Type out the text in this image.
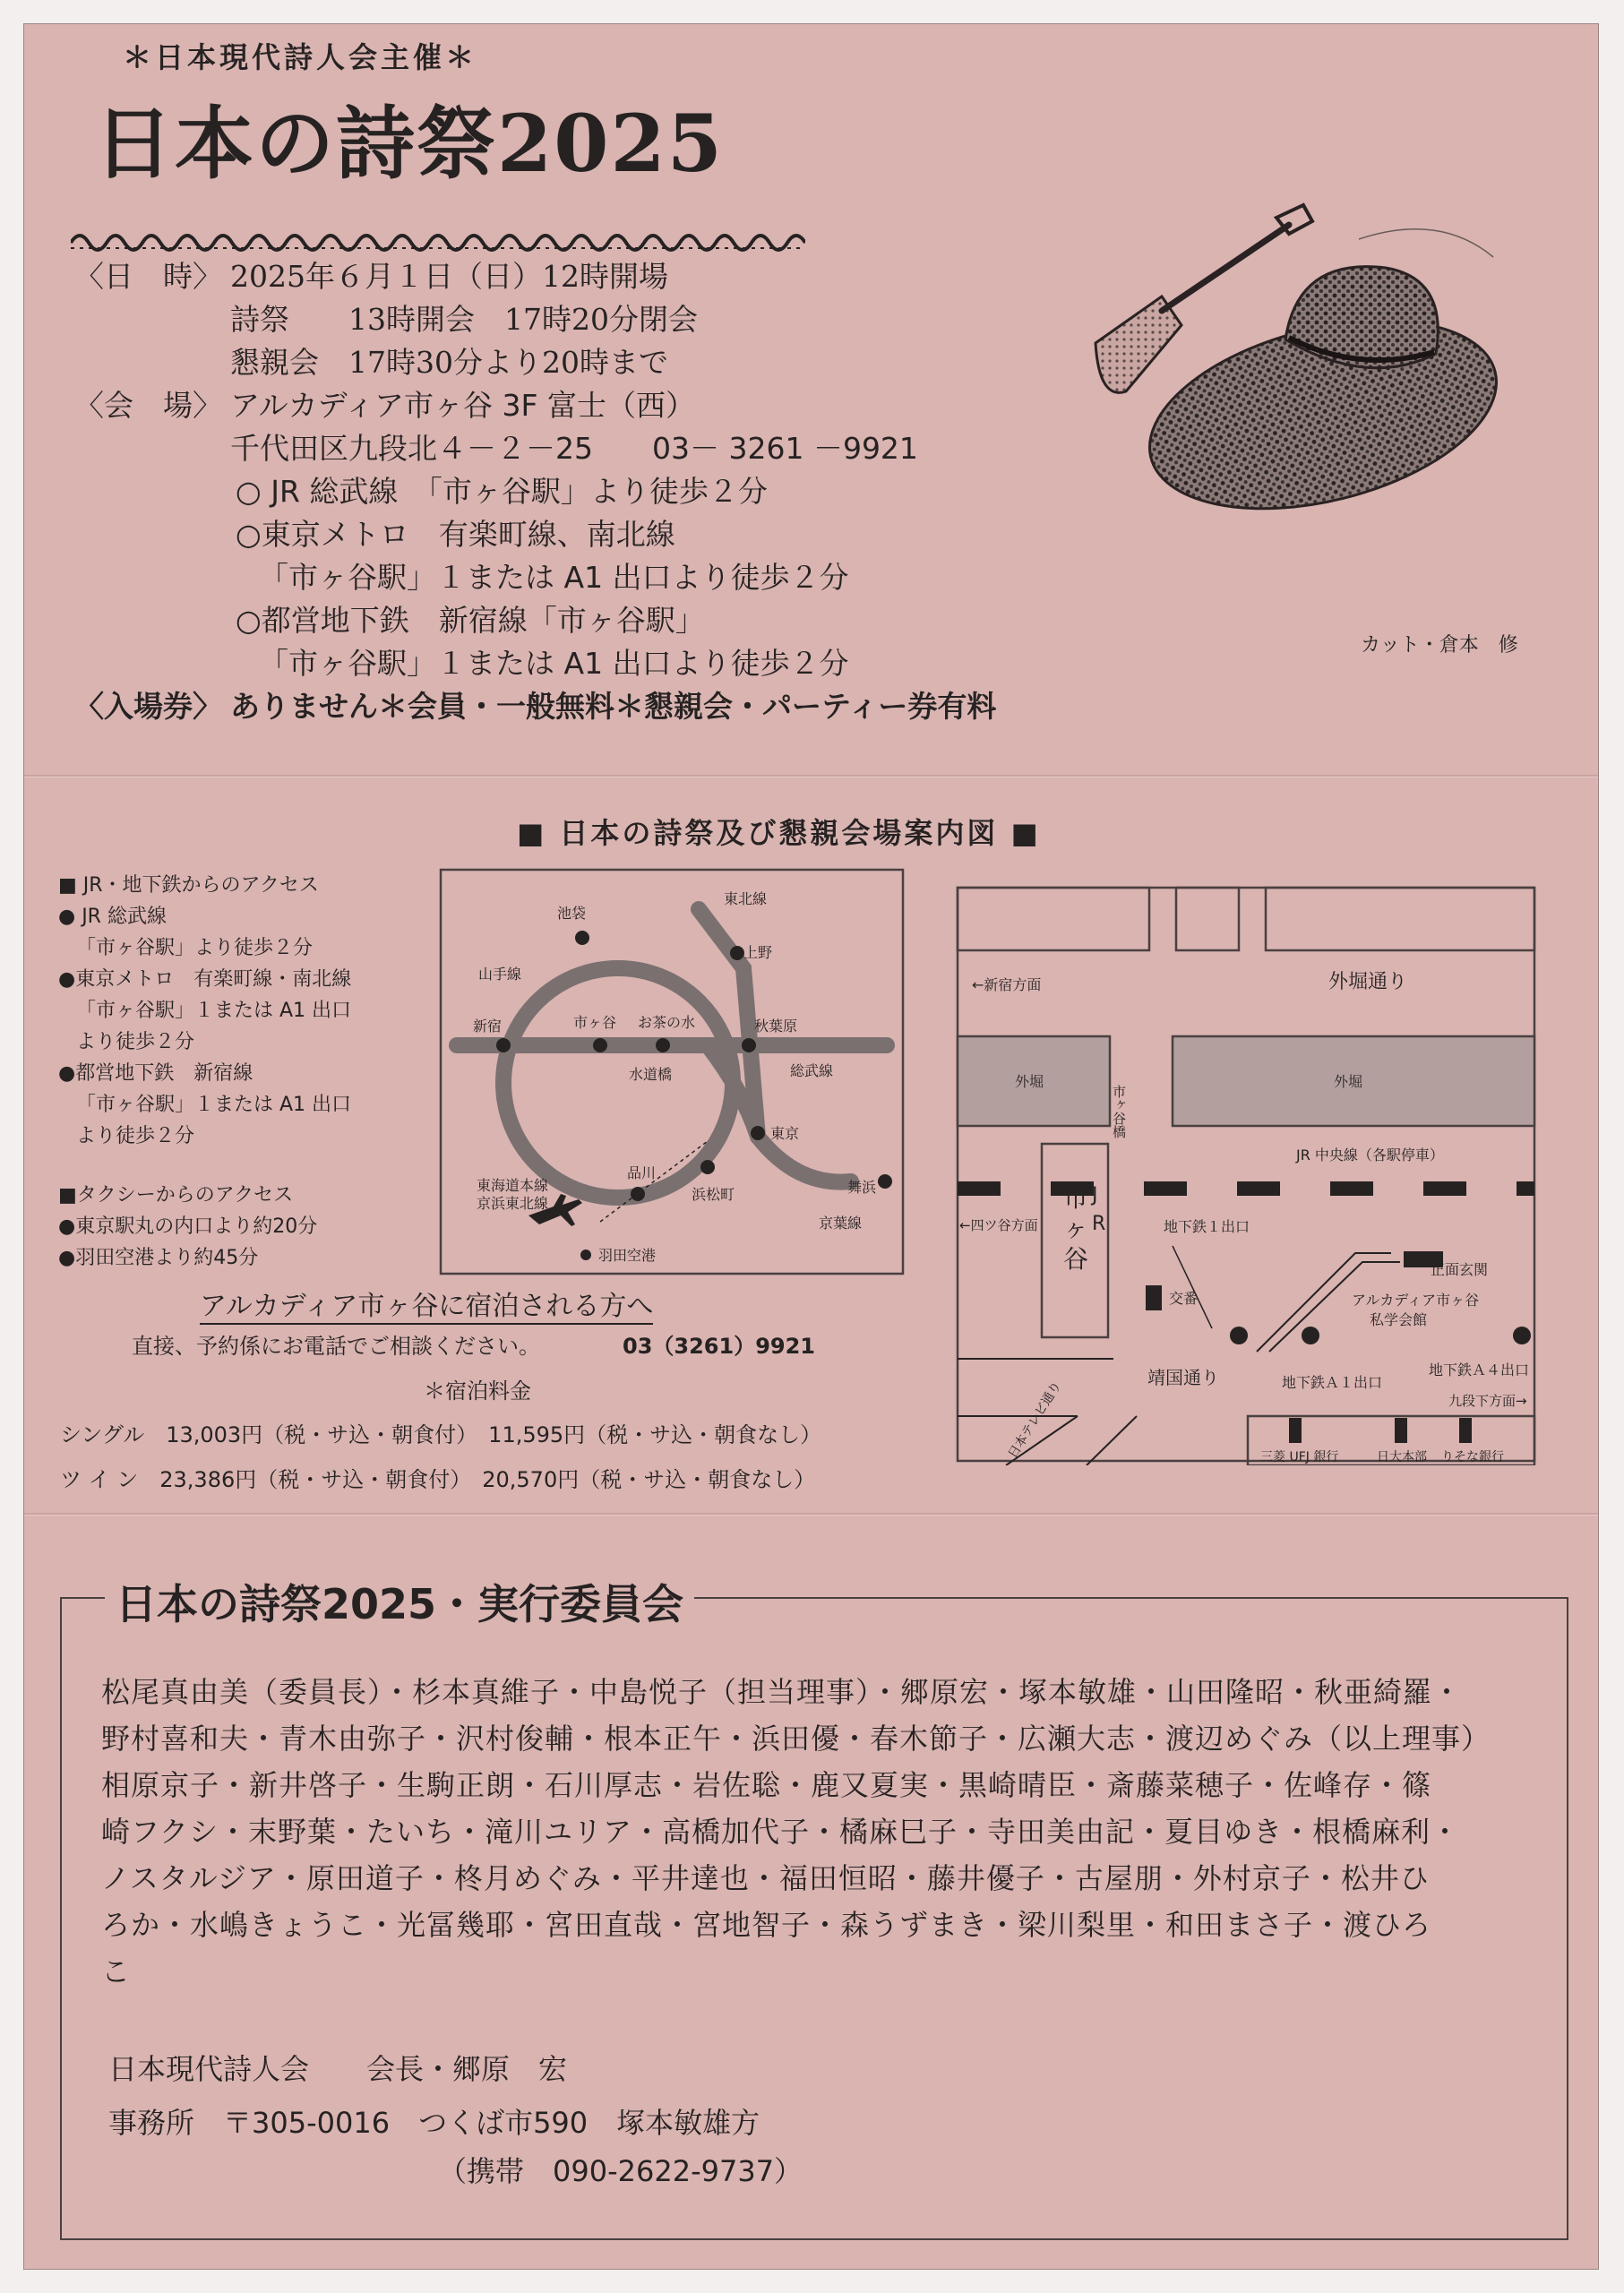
＊日本現代詩人会主催＊
日本の詩祭2025
〈日　時〉 2025年６月１日（日）12時開場
詩祭　　13時開会　17時20分閉会
懇親会　17時30分より20時まで
〈会　場〉 アルカディア市ヶ谷 3F 富士（西）
千代田区九段北４－２－25　　03－ 3261 －9921
○ JR 総武線　「市ヶ谷駅」より徒歩２分
○東京メトロ　有楽町線、南北線
「市ヶ谷駅」１または A1 出口より徒歩２分
○都営地下鉄　新宿線「市ヶ谷駅」
「市ヶ谷駅」１または A1 出口より徒歩２分
〈入場券〉 ありません＊会員・一般無料＊懇親会・パーティー券有料
カット・倉本　修
■ 日本の詩祭及び懇親会場案内図 ■
■ JR・地下鉄からのアクセス
● JR 総武線
「市ヶ谷駅」より徒歩２分
●東京メトロ　有楽町線・南北線
「市ヶ谷駅」１または A1 出口
より徒歩２分
●都営地下鉄　新宿線
「市ヶ谷駅」１または A1 出口
より徒歩２分
■タクシーからのアクセス
●東京駅丸の内口より約20分
●羽田空港より約45分
池袋
東北線
上野
山手線
新宿	市ヶ谷 お茶の水	秋葉原
水道橋	総武線
東京
東海道本線
京浜東北線
品川
浜松町	舞浜
京葉線
羽田空港
←新宿方面	外堀通り
外堀	外堀
市ヶ谷橋
JR 中央線（各駅停車）
市
ヶ
谷
J
R
←四ツ谷方面	地下鉄１出口
交番
正面玄関
アルカディア市ヶ谷
私学会館
靖国通り	地下鉄Ａ１出口
地下鉄Ａ４出口
九段下方面→
日本テレビ通り	三菱 UFJ 銀行	日大本部 りそな銀行
アルカディア市ヶ谷に宿泊される方へ
直接、予約係にお電話でご相談ください。	03（3261）9921
＊宿泊料金
シングル　13,003円（税・サ込・朝食付）　11,595円（税・サ込・朝食なし）
ツ イ ン　23,386円（税・サ込・朝食付）　20,570円（税・サ込・朝食なし）
日本の詩祭2025・実行委員会
松尾真由美（委員長）・杉本真維子・中島悦子（担当理事）・郷原宏・塚本敏雄・山田隆昭・秋亜綺羅・
野村喜和夫・青木由弥子・沢村俊輔・根本正午・浜田優・春木節子・広瀬大志・渡辺めぐみ（以上理事）
相原京子・新井啓子・生駒正朗・石川厚志・岩佐聡・鹿又夏実・黒崎晴臣・斎藤菜穂子・佐峰存・篠
崎フクシ・末野葉・たいち・滝川ユリア・高橋加代子・橘麻巳子・寺田美由記・夏目ゆき・根橋麻利・
ノスタルジア・原田道子・柊月めぐみ・平井達也・福田恒昭・藤井優子・古屋朋・外村京子・松井ひ
ろか・水嶋きょうこ・光冨幾耶・宮田直哉・宮地智子・森うずまき・梁川梨里・和田まさ子・渡ひろ
こ
日本現代詩人会　　会長・郷原　宏
事務所　〒305-0016　つくば市590　塚本敏雄方
（携帯　090-2622-9737）
